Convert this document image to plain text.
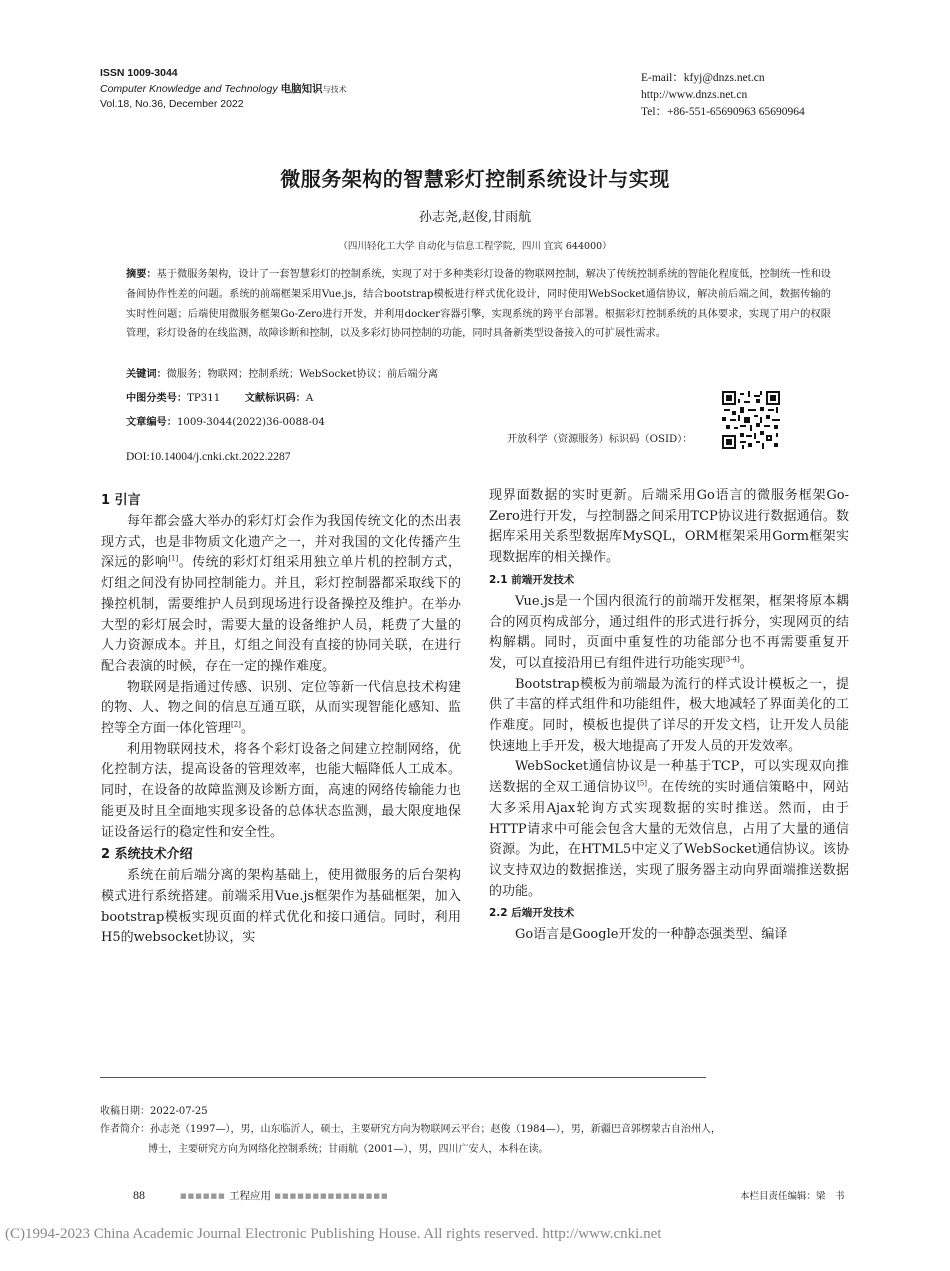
ISSN 1009-3044
Computer Knowledge and Technology 电脑知识与技术
Vol.18, No.36, December 2022
E-mail：kfyj@dnzs.net.cn
http://www.dnzs.net.cn
Tel：+86-551-65690963 65690964
微服务架构的智慧彩灯控制系统设计与实现
孙志尧,赵俊,甘雨航
（四川轻化工大学 自动化与信息工程学院，四川 宜宾 644000）
摘要：基于微服务架构，设计了一套智慧彩灯的控制系统，实现了对于多种类彩灯设备的物联网控制，解决了传统控制系统的智能化程度低，控制统一性和设备间协作性差的问题。系统的前端框架采用Vue.js，结合bootstrap模板进行样式优化设计，同时使用WebSocket通信协议，解决前后端之间，数据传输的实时性问题；后端使用微服务框架Go-Zero进行开发，并利用docker容器引擎，实现系统的跨平台部署。根据彩灯控制系统的具体要求，实现了用户的权限管理，彩灯设备的在线监测，故障诊断和控制，以及多彩灯协同控制的功能，同时具备新类型设备接入的可扩展性需求。
关键词：微服务；物联网；控制系统；WebSocket协议；前后端分离
中图分类号：TP311 文献标识码：A
文章编号：1009-3044(2022)36-0088-04
开放科学（资源服务）标识码（OSID）：
DOI:10.14004/j.cnki.ckt.2022.2287
1 引言

每年都会盛大举办的彩灯灯会作为我国传统文化的杰出表现方式，也是非物质文化遗产之一，并对我国的文化传播产生深远的影响[1]。传统的彩灯灯组采用独立单片机的控制方式，灯组之间没有协同控制能力。并且，彩灯控制器都采取线下的操控机制，需要维护人员到现场进行设备操控及维护。在举办大型的彩灯展会时，需要大量的设备维护人员，耗费了大量的人力资源成本。并且，灯组之间没有直接的协同关联，在进行配合表演的时候，存在一定的操作难度。

物联网是指通过传感、识别、定位等新一代信息技术构建的物、人、物之间的信息互通互联，从而实现智能化感知、监控等全方面一体化管理[2]。

利用物联网技术，将各个彩灯设备之间建立控制网络，优化控制方法，提高设备的管理效率，也能大幅降低人工成本。同时，在设备的故障监测及诊断方面，高速的网络传输能力也能更及时且全面地实现多设备的总体状态监测，最大限度地保证设备运行的稳定性和安全性。

2 系统技术介绍

系统在前后端分离的架构基础上，使用微服务的后台架构模式进行系统搭建。前端采用Vue.js框架作为基础框架，加入bootstrap模板实现页面的样式优化和接口通信。同时，利用H5的websocket协议，实

现界面数据的实时更新。后端采用Go语言的微服务框架Go-Zero进行开发，与控制器之间采用TCP协议进行数据通信。数据库采用关系型数据库MySQL，ORM框架采用Gorm框架实现数据库的相关操作。

2.1 前端开发技术

Vue.js是一个国内很流行的前端开发框架，框架将原本耦合的网页构成部分，通过组件的形式进行拆分，实现网页的结构解耦。同时，页面中重复性的功能部分也不再需要重复开发，可以直接沿用已有组件进行功能实现[3-4]。

Bootstrap模板为前端最为流行的样式设计模板之一，提供了丰富的样式组件和功能组件，极大地减轻了界面美化的工作难度。同时，模板也提供了详尽的开发文档，让开发人员能快速地上手开发，极大地提高了开发人员的开发效率。

WebSocket通信协议是一种基于TCP，可以实现双向推送数据的全双工通信协议[5]。在传统的实时通信策略中，网站大多采用Ajax轮询方式实现数据的实时推送。然而，由于HTTP请求中可能会包含大量的无效信息，占用了大量的通信资源。为此，在HTML5中定义了WebSocket通信协议。该协议支持双边的数据推送，实现了服务器主动向界面端推送数据的功能。

2.2 后端开发技术

Go语言是Google开发的一种静态强类型、编译

收稿日期：2022-07-25
作者简介：孙志尧（1997—），男，山东临沂人，硕士，主要研究方向为物联网云平台；赵俊（1984—），男，新疆巴音郭楞蒙古自治州人，
博士，主要研究方向为网络化控制系统；甘雨航（2001—），男，四川广安人，本科在读。
88	■■■■■■ 工程应用 ■■■■■■■■■■■■■■■	本栏目责任编辑：梁　书
(C)1994-2023 China Academic Journal Electronic Publishing House. All rights reserved. http://www.cnki.net
